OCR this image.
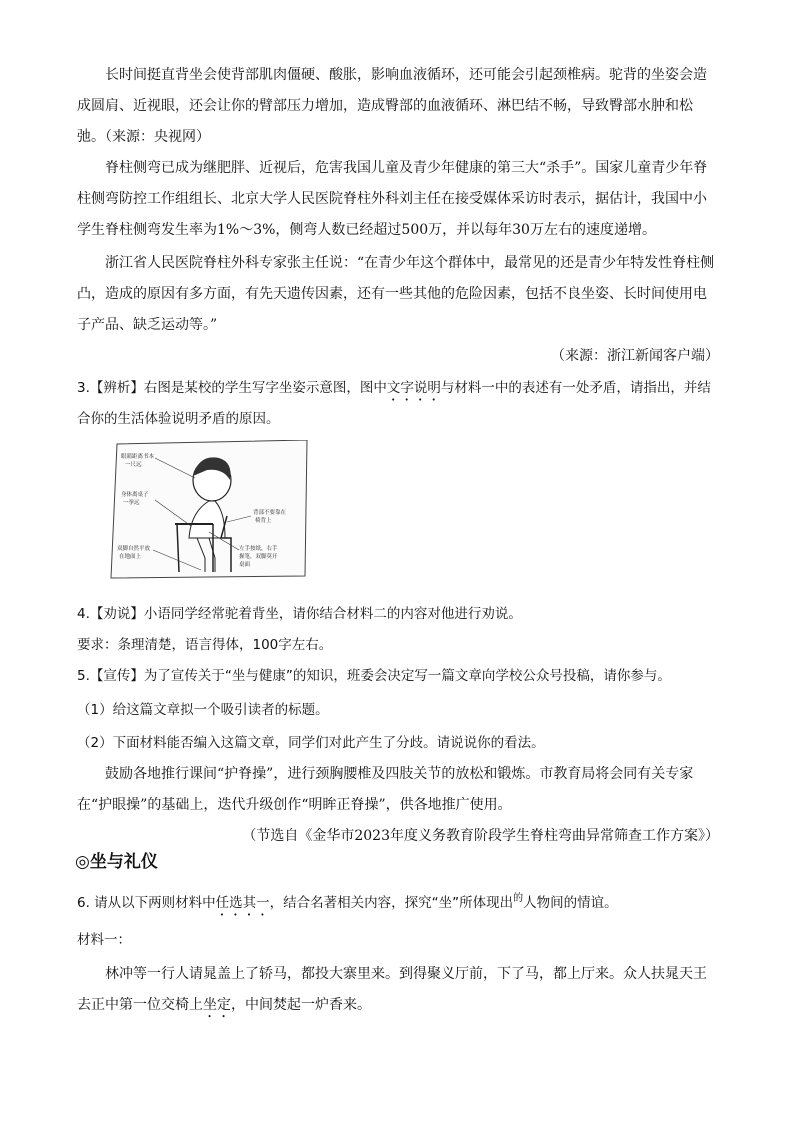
长时间挺直背坐会使背部肌肉僵硬、酸胀，影响血液循环，还可能会引起颈椎病。驼背的坐姿会造成圆肩、近视眼，还会让你的臂部压力增加，造成臀部的血液循环、淋巴结不畅，导致臀部水肿和松弛。（来源：央视网）

脊柱侧弯已成为继肥胖、近视后，危害我国儿童及青少年健康的第三大“杀手”。国家儿童青少年脊柱侧弯防控工作组组长、北京大学人民医院脊柱外科刘主任在接受媒体采访时表示，据估计，我国中小学生脊柱侧弯发生率为1%～3%，侧弯人数已经超过500万，并以每年30万左右的速度递增。

浙江省人民医院脊柱外科专家张主任说：“在青少年这个群体中，最常见的还是青少年特发性脊柱侧凸，造成的原因有多方面，有先天遗传因素，还有一些其他的危险因素，包括不良坐姿、长时间使用电子产品、缺乏运动等。”

（来源：浙江新闻客户端）

3.【辨析】右图是某校的学生写字坐姿示意图，图中文字说明与材料一中的表述有一处矛盾，请指出，并结合你的生活体验说明矛盾的原因。

眼睛距离书本
一尺远
身体离桌子
一拳远
背部不要靠在
椅背上
双脚自然平放
在地面上
左手按纸，右手
握笔，双脚莫开
桌面

4.【劝说】小语同学经常驼着背坐，请你结合材料二的内容对他进行劝说。

要求：条理清楚，语言得体，100字左右。

5.【宣传】为了宣传关于“坐与健康”的知识，班委会决定写一篇文章向学校公众号投稿，请你参与。

（1）给这篇文章拟一个吸引读者的标题。

（2）下面材料能否编入这篇文章，同学们对此产生了分歧。请说说你的看法。

鼓励各地推行课间“护脊操”，进行颈胸腰椎及四肢关节的放松和锻炼。市教育局将会同有关专家在“护眼操”的基础上，迭代升级创作“明眸正脊操”，供各地推广使用。

（节选自《金华市2023年度义务教育阶段学生脊柱弯曲异常筛查工作方案》）

◎坐与礼仪

6. 请从以下两则材料中任选其一，结合名著相关内容，探究“坐”所体现出$^的$人物间的情谊。

材料一：

林冲等一行人请晁盖上了轿马，都投大寨里来。到得聚义厅前，下了马，都上厅来。众人扶晁天王去正中第一位交椅上坐定，中间焚起一炉香来。
